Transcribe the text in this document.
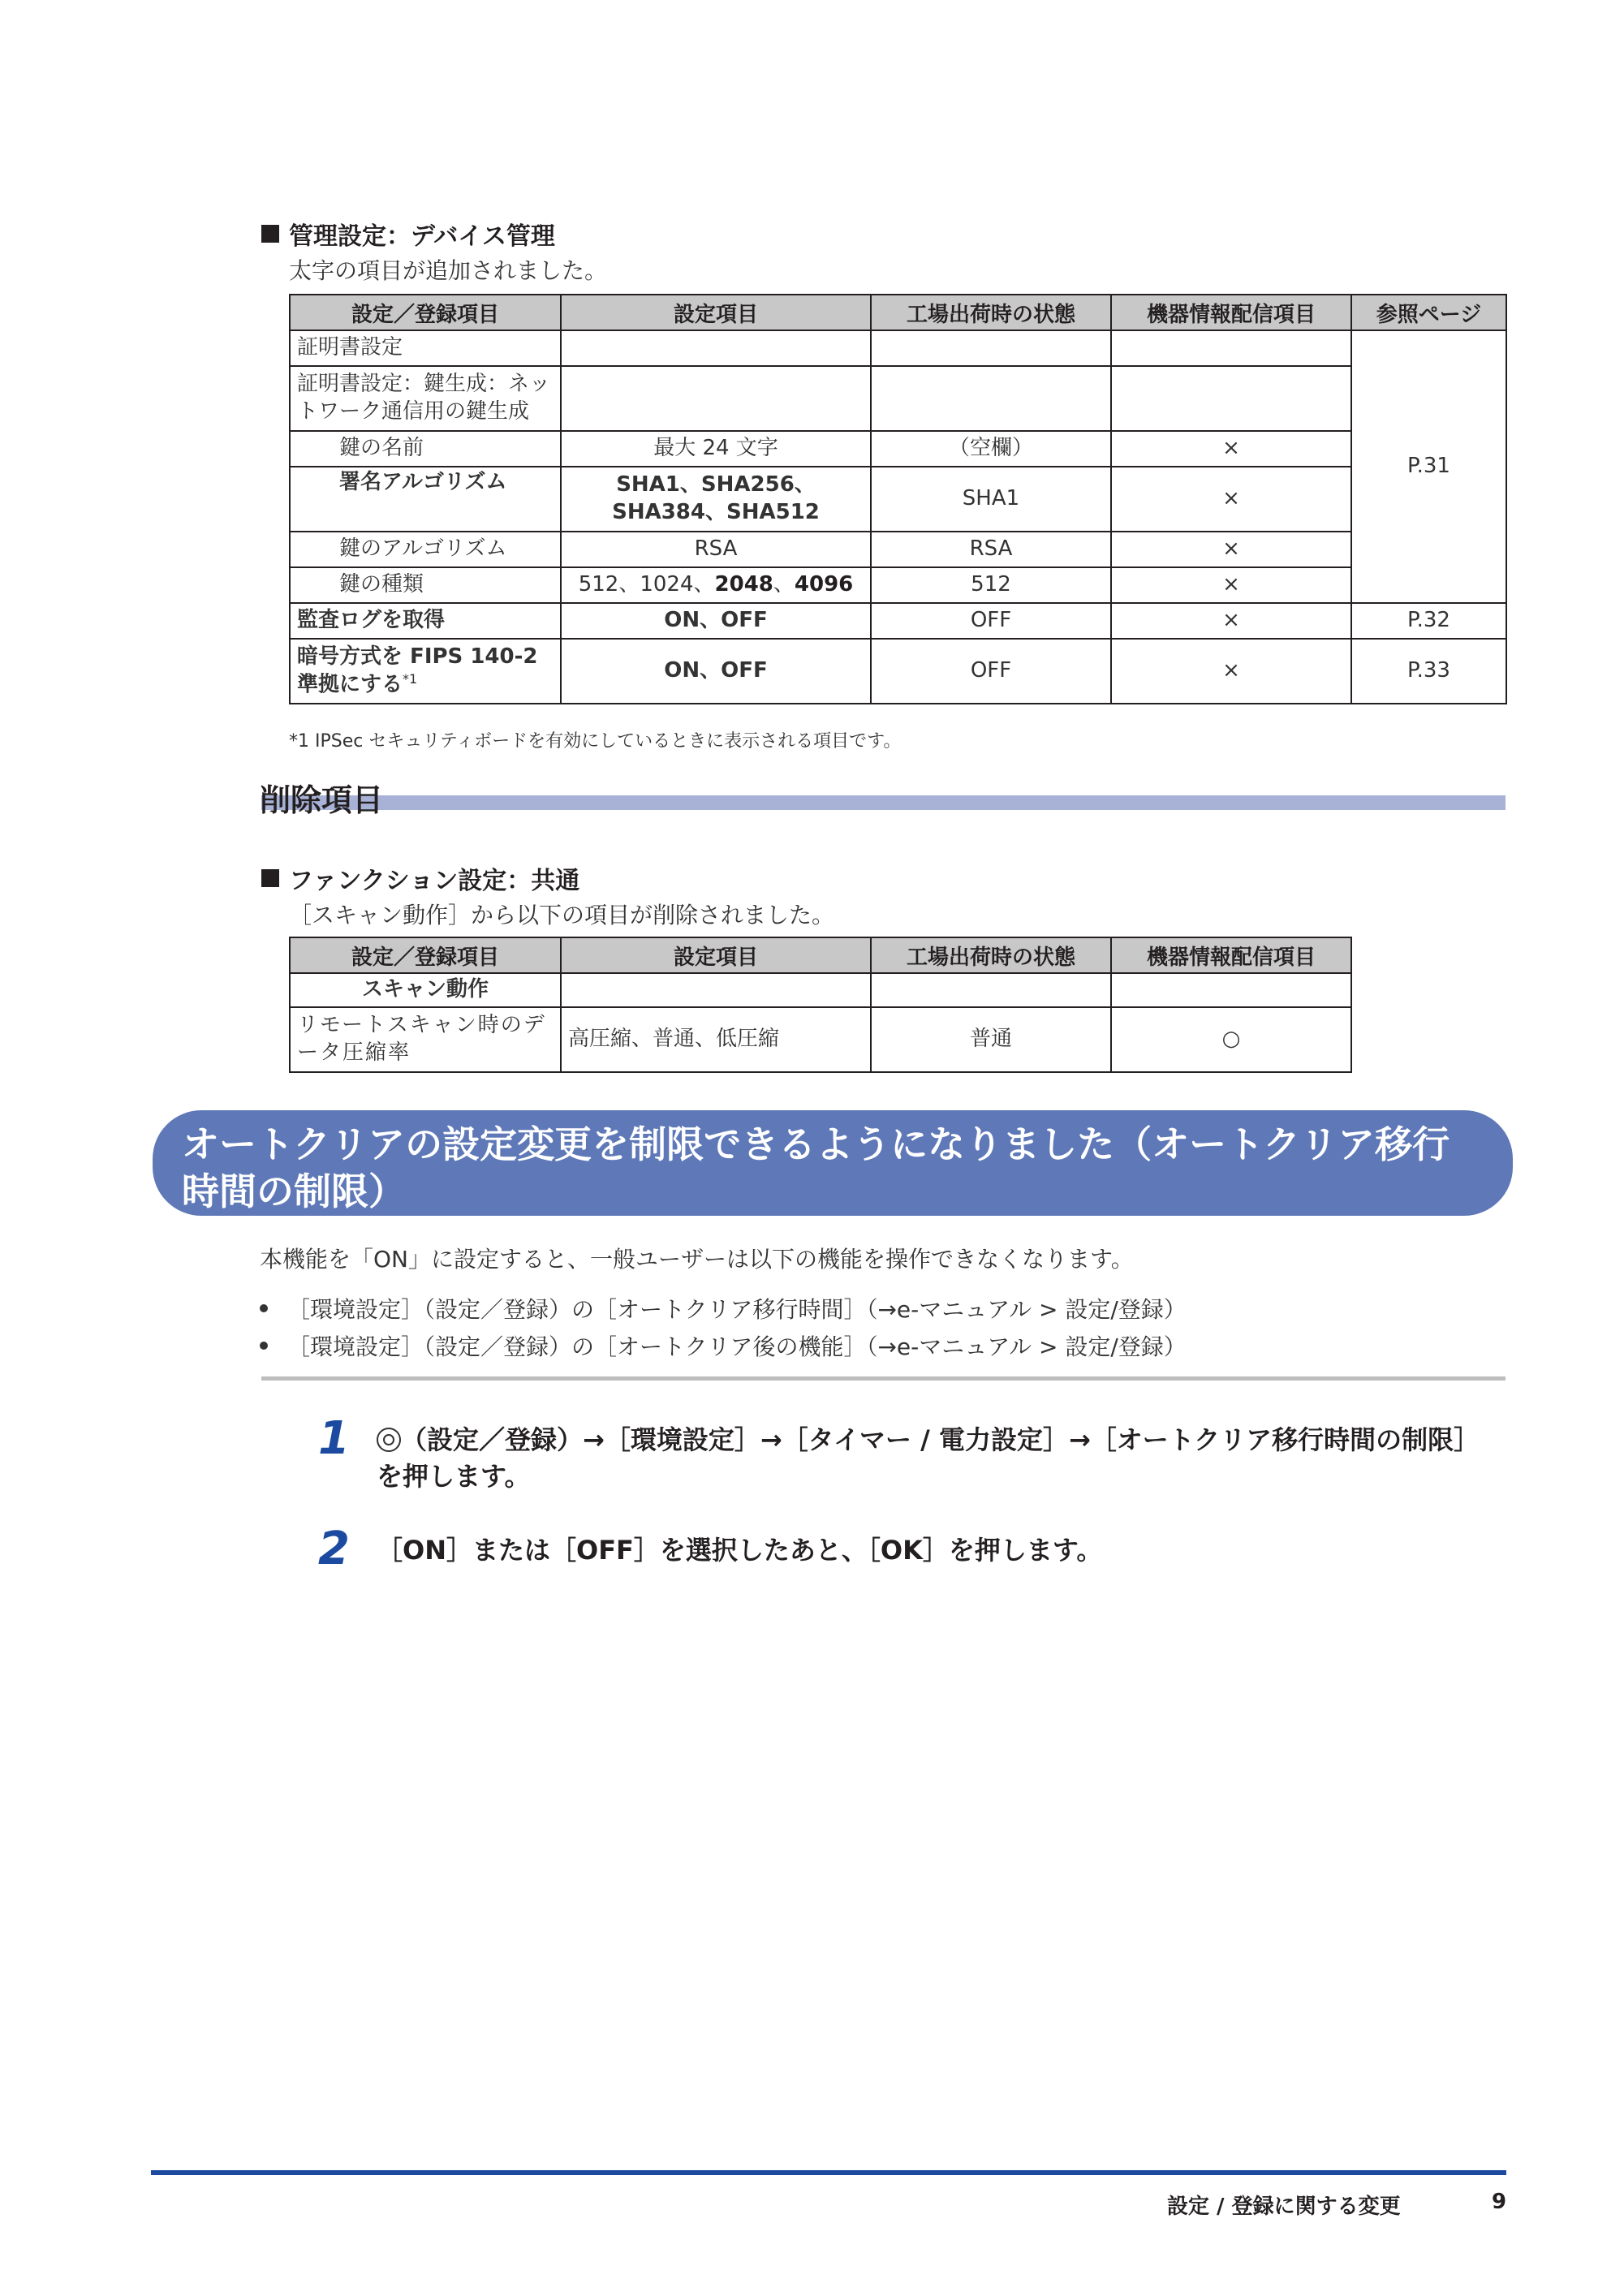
管理設定：デバイス管理
太字の項目が追加されました。
設定／登録項目	設定項目	工場出荷時の状態	機器情報配信項目	参照ページ
証明書設定				P.31
証明書設定：鍵生成：ネットワーク通信用の鍵生成				
鍵の名前	最大 24 文字	（空欄）	×	
署名アルゴリズム	SHA1、SHA256、SHA384、SHA512	SHA1	×	
鍵のアルゴリズム	RSA	RSA	×	
鍵の種類	512、1024、2048、4096	512	×	
監査ログを取得	ON、OFF	OFF	×	P.32
暗号方式を FIPS 140-2 準拠にする$^{*1}$	ON、OFF	OFF	×	P.33
*1 IPSec セキュリティボードを有効にしているときに表示される項目です。
削除項目
ファンクション設定：共通
［スキャン動作］から以下の項目が削除されました。
設定／登録項目	設定項目	工場出荷時の状態	機器情報配信項目
スキャン動作			
リモートスキャン時のデータ圧縮率	高圧縮、普通、低圧縮	普通	○
オートクリアの設定変更を制限できるようになりました（オートクリア移行
時間の制限）
本機能を「ON」に設定すると、一般ユーザーは以下の機能を操作できなくなります。
［環境設定］（設定／登録）の［オートクリア移行時間］（→e-マニュアル > 設定/登録）
［環境設定］（設定／登録）の［オートクリア後の機能］（→e-マニュアル > 設定/登録）
1	（設定／登録）→［環境設定］→［タイマー / 電力設定］→［オートクリア移行時間の制限］
を押します。
2 ［ON］または［OFF］を選択したあと、［OK］を押します。
設定 / 登録に関する変更	9
